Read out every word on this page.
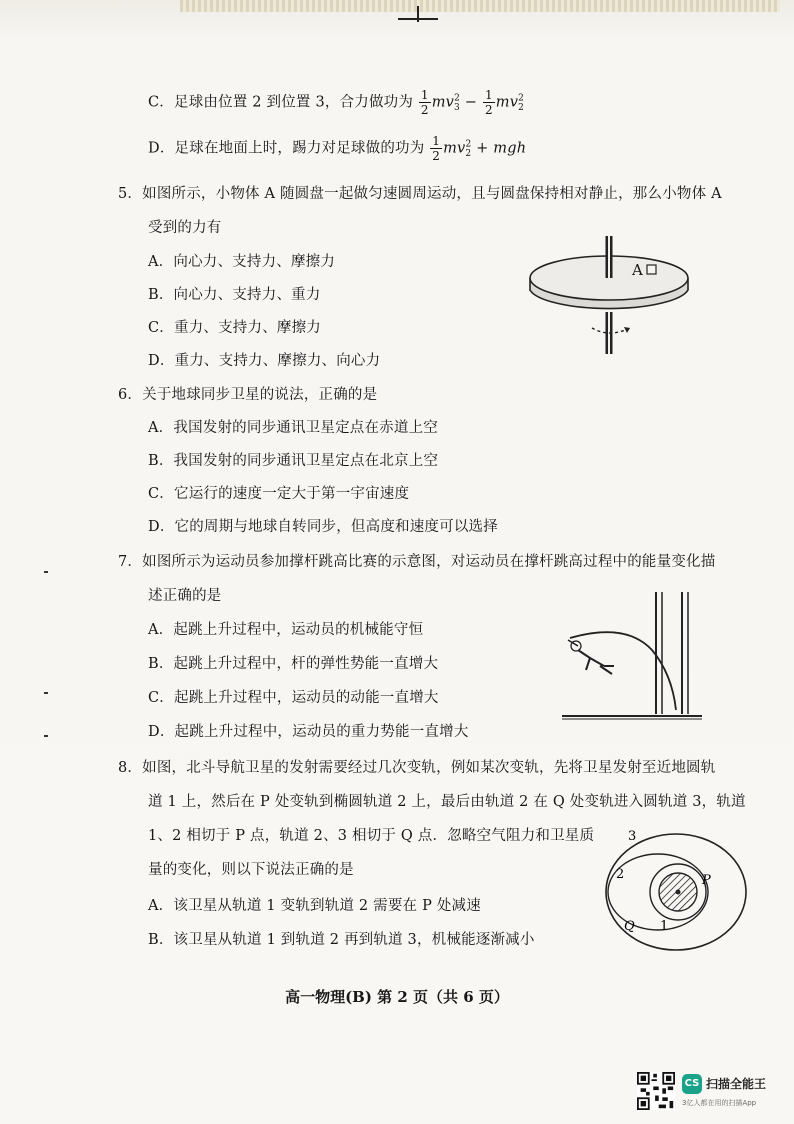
C．足球由位置 2 到位置 3，合力做功为 $\frac{1}{2} mv^2_3 - \frac{1}{2} mv^2_2$
D．足球在地面上时，踢力对足球做的功为 $\frac{1}{2} mv^2_2$ + mgh
5．如图所示，小物体 A 随圆盘一起做匀速圆周运动，且与圆盘保持相对静止，那么小物体 A
受到的力有
A．向心力、支持力、摩擦力
B．向心力、支持力、重力
C．重力、支持力、摩擦力
D．重力、支持力、摩擦力、向心力
A
6．关于地球同步卫星的说法，正确的是
A．我国发射的同步通讯卫星定点在赤道上空
B．我国发射的同步通讯卫星定点在北京上空
C．它运行的速度一定大于第一宇宙速度
D．它的周期与地球自转同步，但高度和速度可以选择
7．如图所示为运动员参加撑杆跳高比赛的示意图，对运动员在撑杆跳高过程中的能量变化描
述正确的是
A．起跳上升过程中，运动员的机械能守恒
B．起跳上升过程中，杆的弹性势能一直增大
C．起跳上升过程中，运动员的动能一直增大
D．起跳上升过程中，运动员的重力势能一直增大
8．如图，北斗导航卫星的发射需要经过几次变轨，例如某次变轨，先将卫星发射至近地圆轨
道 1 上，然后在 P 处变轨到椭圆轨道 2 上，最后由轨道 2 在 Q 处变轨进入圆轨道 3，轨道
1、2 相切于 P 点，轨道 2、3 相切于 Q 点．忽略空气阻力和卫星质
量的变化，则以下说法正确的是
A．该卫星从轨道 1 变轨到轨道 2 需要在 P 处减速
B．该卫星从轨道 1 到轨道 2 再到轨道 3，机械能逐渐减小
3
2
1
P
Q
高一物理(B) 第 2 页（共 6 页）
CS 扫描全能王
3亿人都在用的扫描App
